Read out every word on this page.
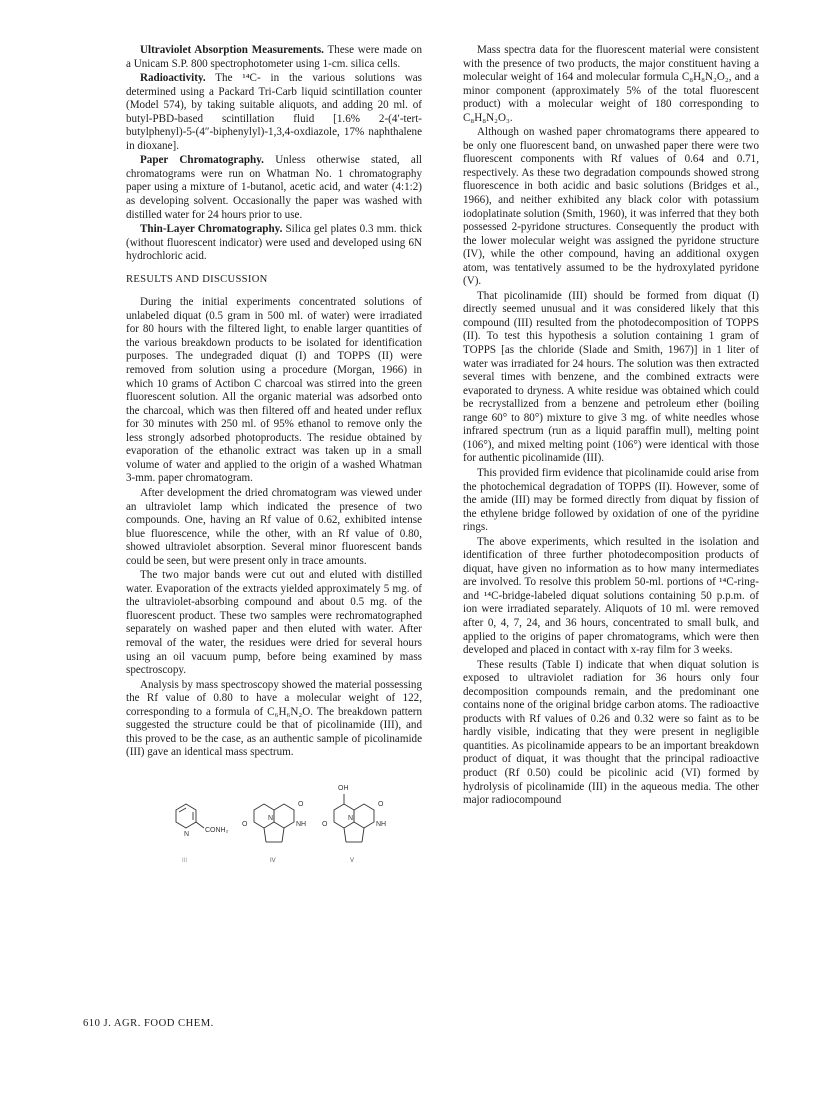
Ultraviolet Absorption Measurements. These were made on a Unicam S.P. 800 spectrophotometer using 1-cm. silica cells.

Radioactivity. The ¹⁴C- in the various solutions was determined using a Packard Tri-Carb liquid scintillation counter (Model 574), by taking suitable aliquots, and adding 20 ml. of butyl-PBD-based scintillation fluid [1.6% 2-(4′-tert-butylphenyl)-5-(4″-biphenylyl)-1,3,4-oxdiazole, 17% naphthalene in dioxane].

Paper Chromatography. Unless otherwise stated, all chromatograms were run on Whatman No. 1 chromatography paper using a mixture of 1-butanol, acetic acid, and water (4:1:2) as developing solvent. Occasionally the paper was washed with distilled water for 24 hours prior to use.

Thin-Layer Chromatography. Silica gel plates 0.3 mm. thick (without fluorescent indicator) were used and developed using 6N hydrochloric acid.

RESULTS AND DISCUSSION

During the initial experiments concentrated solutions of unlabeled diquat (0.5 gram in 500 ml. of water) were irradiated for 80 hours with the filtered light, to enable larger quantities of the various breakdown products to be isolated for identification purposes. The undegraded diquat (I) and TOPPS (II) were removed from solution using a procedure (Morgan, 1966) in which 10 grams of Actibon C charcoal was stirred into the green fluorescent solution. All the organic material was adsorbed onto the charcoal, which was then filtered off and heated under reflux for 30 minutes with 250 ml. of 95% ethanol to remove only the less strongly adsorbed photoproducts. The residue obtained by evaporation of the ethanolic extract was taken up in a small volume of water and applied to the origin of a washed Whatman 3-mm. paper chromatogram.

After development the dried chromatogram was viewed under an ultraviolet lamp which indicated the presence of two compounds. One, having an Rf value of 0.62, exhibited intense blue fluorescence, while the other, with an Rf value of 0.80, showed ultraviolet absorption. Several minor fluorescent bands could be seen, but were present only in trace amounts.

The two major bands were cut out and eluted with distilled water. Evaporation of the extracts yielded approximately 5 mg. of the ultraviolet-absorbing compound and about 0.5 mg. of the fluorescent product. These two samples were rechromatographed separately on washed paper and then eluted with water. After removal of the water, the residues were dried for several hours using an oil vacuum pump, before being examined by mass spectroscopy.

Analysis by mass spectroscopy showed the material possessing the Rf value of 0.80 to have a molecular weight of 122, corresponding to a formula of C₆H₆N₂O. The breakdown pattern suggested the structure could be that of picolinamide (III), and this proved to be the case, as an authentic sample of picolinamide (III) gave an identical mass spectrum.

N
CONH₂
III
O
N
O
NH
IV
OH
O
N
O
NH
V

Mass spectra data for the fluorescent material were consistent with the presence of two products, the major constituent having a molecular weight of 164 and molecular formula C₈H₈N₂O₂, and a minor component (approximately 5% of the total fluorescent product) with a molecular weight of 180 corresponding to C₈H₈N₂O₃.

Although on washed paper chromatograms there appeared to be only one fluorescent band, on unwashed paper there were two fluorescent components with Rf values of 0.64 and 0.71, respectively. As these two degradation compounds showed strong fluorescence in both acidic and basic solutions (Bridges et al., 1966), and neither exhibited any black color with potassium iodoplatinate solution (Smith, 1960), it was inferred that they both possessed 2-pyridone structures. Consequently the product with the lower molecular weight was assigned the pyridone structure (IV), while the other compound, having an additional oxygen atom, was tentatively assumed to be the hydroxylated pyridone (V).

That picolinamide (III) should be formed from diquat (I) directly seemed unusual and it was considered likely that this compound (III) resulted from the photodecomposition of TOPPS (II). To test this hypothesis a solution containing 1 gram of TOPPS [as the chloride (Slade and Smith, 1967)] in 1 liter of water was irradiated for 24 hours. The solution was then extracted several times with benzene, and the combined extracts were evaporated to dryness. A white residue was obtained which could be recrystallized from a benzene and petroleum ether (boiling range 60° to 80°) mixture to give 3 mg. of white needles whose infrared spectrum (run as a liquid paraffin mull), melting point (106°), and mixed melting point (106°) were identical with those for authentic picolinamide (III).

This provided firm evidence that picolinamide could arise from the photochemical degradation of TOPPS (II). However, some of the amide (III) may be formed directly from diquat by fission of the ethylene bridge followed by oxidation of one of the pyridine rings.

The above experiments, which resulted in the isolation and identification of three further photodecomposition products of diquat, have given no information as to how many intermediates are involved. To resolve this problem 50-ml. portions of ¹⁴C-ring- and ¹⁴C-bridge-labeled diquat solutions containing 50 p.p.m. of ion were irradiated separately. Aliquots of 10 ml. were removed after 0, 4, 7, 24, and 36 hours, concentrated to small bulk, and applied to the origins of paper chromatograms, which were then developed and placed in contact with x-ray film for 3 weeks.

These results (Table I) indicate that when diquat solution is exposed to ultraviolet radiation for 36 hours only four decomposition compounds remain, and the predominant one contains none of the original bridge carbon atoms. The radioactive products with Rf values of 0.26 and 0.32 were so faint as to be hardly visible, indicating that they were present in negligible quantities. As picolinamide appears to be an important breakdown product of diquat, it was thought that the principal radioactive product (Rf 0.50) could be picolinic acid (VI) formed by hydrolysis of picolinamide (III) in the aqueous media. The other major radiocompound

610 J. AGR. FOOD CHEM.
